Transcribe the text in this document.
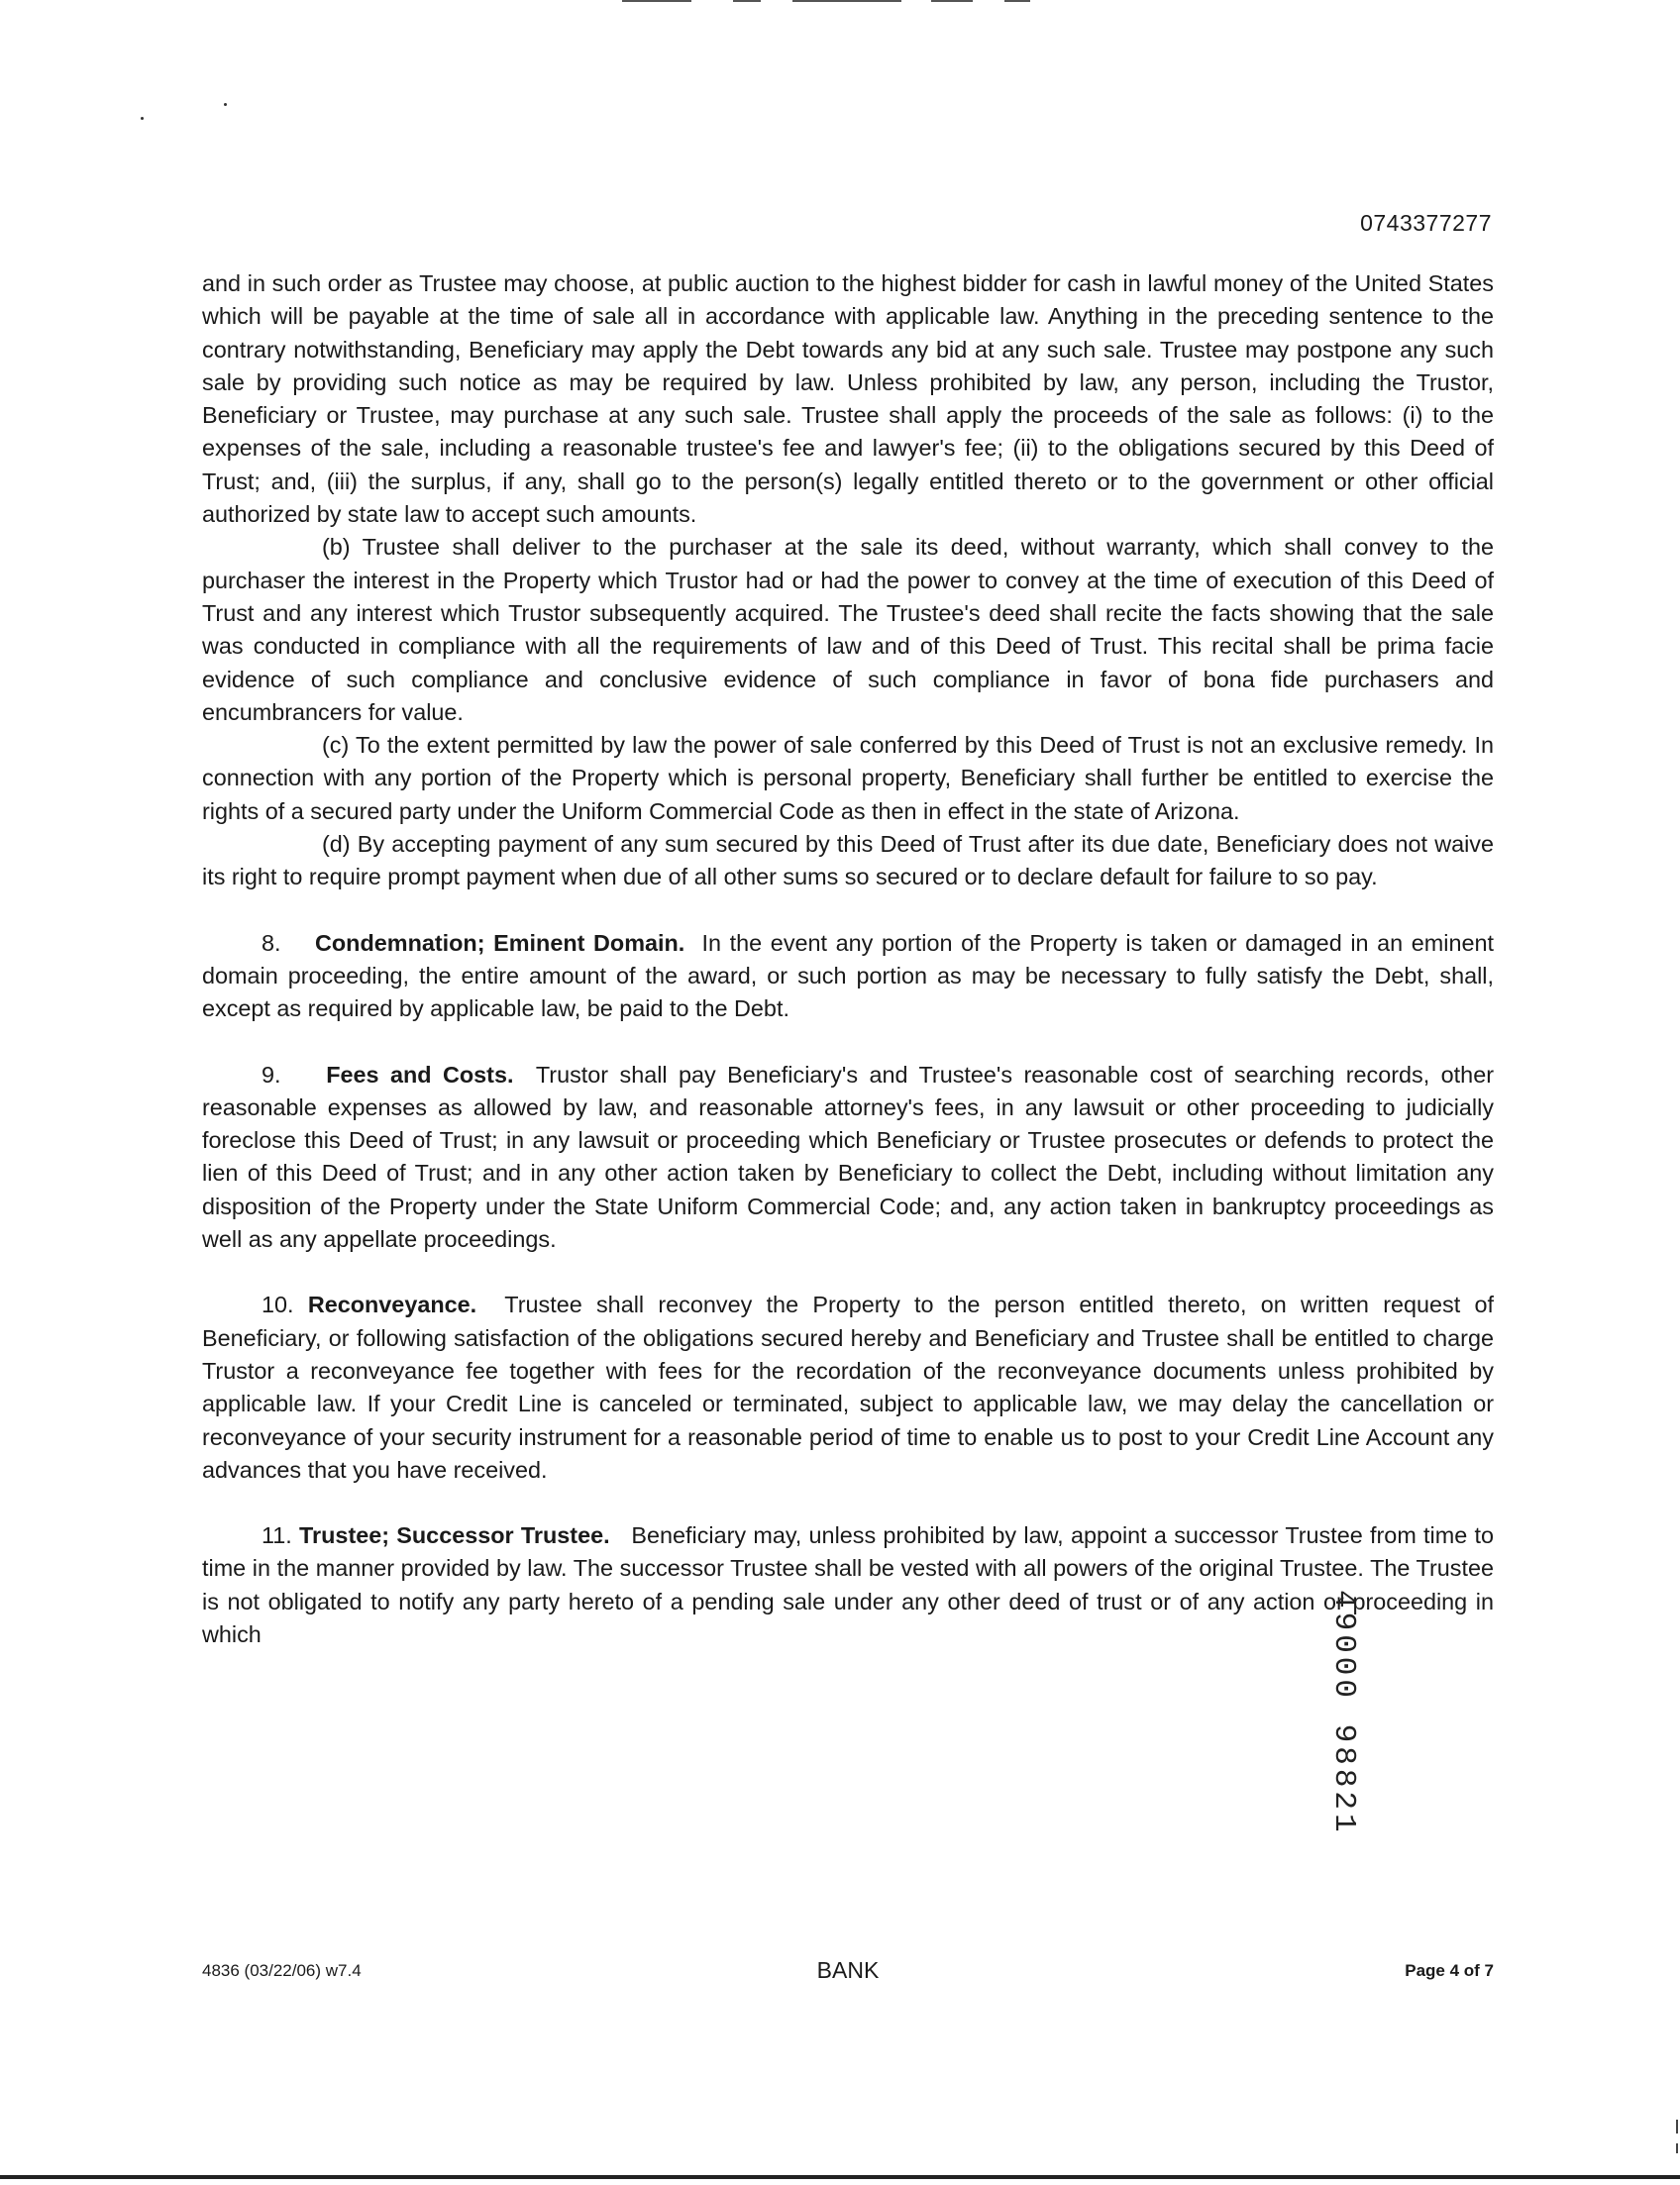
0743377277

and in such order as Trustee may choose, at public auction to the highest bidder for cash in lawful money of the United States which will be payable at the time of sale all in accordance with applicable law. Anything in the preceding sentence to the contrary notwithstanding, Beneficiary may apply the Debt towards any bid at any such sale. Trustee may postpone any such sale by providing such notice as may be required by law. Unless prohibited by law, any person, including the Trustor, Beneficiary or Trustee, may purchase at any such sale. Trustee shall apply the proceeds of the sale as follows: (i) to the expenses of the sale, including a reasonable trustee's fee and lawyer's fee; (ii) to the obligations secured by this Deed of Trust; and, (iii) the surplus, if any, shall go to the person(s) legally entitled thereto or to the government or other official authorized by state law to accept such amounts.

(b) Trustee shall deliver to the purchaser at the sale its deed, without warranty, which shall convey to the purchaser the interest in the Property which Trustor had or had the power to convey at the time of execution of this Deed of Trust and any interest which Trustor subsequently acquired. The Trustee's deed shall recite the facts showing that the sale was conducted in compliance with all the requirements of law and of this Deed of Trust. This recital shall be prima facie evidence of such compliance and conclusive evidence of such compliance in favor of bona fide purchasers and encumbrancers for value.

(c) To the extent permitted by law the power of sale conferred by this Deed of Trust is not an exclusive remedy. In connection with any portion of the Property which is personal property, Beneficiary shall further be entitled to exercise the rights of a secured party under the Uniform Commercial Code as then in effect in the state of Arizona.

(d) By accepting payment of any sum secured by this Deed of Trust after its due date, Beneficiary does not waive its right to require prompt payment when due of all other sums so secured or to declare default for failure to so pay.

8. Condemnation; Eminent Domain. In the event any portion of the Property is taken or damaged in an eminent domain proceeding, the entire amount of the award, or such portion as may be necessary to fully satisfy the Debt, shall, except as required by applicable law, be paid to the Debt.

9. Fees and Costs. Trustor shall pay Beneficiary's and Trustee's reasonable cost of searching records, other reasonable expenses as allowed by law, and reasonable attorney's fees, in any lawsuit or other proceeding to judicially foreclose this Deed of Trust; in any lawsuit or proceeding which Beneficiary or Trustee prosecutes or defends to protect the lien of this Deed of Trust; and in any other action taken by Beneficiary to collect the Debt, including without limitation any disposition of the Property under the State Uniform Commercial Code; and, any action taken in bankruptcy proceedings as well as any appellate proceedings.

10. Reconveyance. Trustee shall reconvey the Property to the person entitled thereto, on written request of Beneficiary, or following satisfaction of the obligations secured hereby and Beneficiary and Trustee shall be entitled to charge Trustor a reconveyance fee together with fees for the recordation of the reconveyance documents unless prohibited by applicable law. If your Credit Line is canceled or terminated, subject to applicable law, we may delay the cancellation or reconveyance of your security instrument for a reasonable period of time to enable us to post to your Credit Line Account any advances that you have received.

11. Trustee; Successor Trustee. Beneficiary may, unless prohibited by law, appoint a successor Trustee from time to time in the manner provided by law. The successor Trustee shall be vested with all powers of the original Trustee. The Trustee is not obligated to notify any party hereto of a pending sale under any other deed of trust or of any action or proceeding in which	49000 98821
4836 (03/22/06) w7.4	BANK	Page 4 of 7
